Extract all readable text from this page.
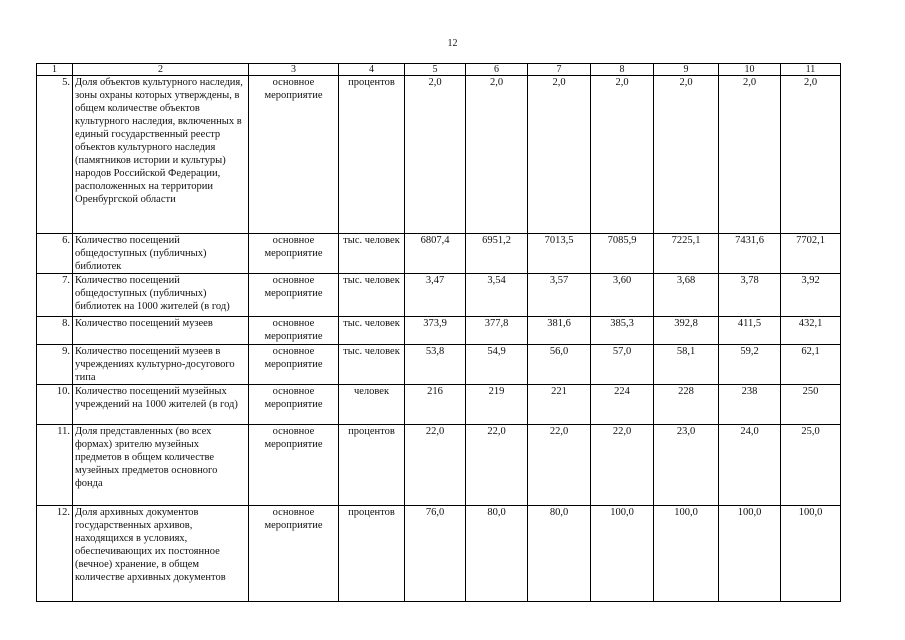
12
1	2	3	4	5	6	7	8	9	10	11
5.	Доля объектов культурного наследия, зоны охраны которых утверждены, в общем количестве объектов культурного наследия, включенных в единый государственный реестр объектов культурного наследия (памятников истории и культуры) народов Российской Федерации, расположенных на территории Оренбургской области	основное мероприятие	процентов	2,0	2,0	2,0	2,0	2,0	2,0	2,0
6.	Количество посещений общедоступных (публичных) библиотек	основное мероприятие	тыс. человек	6807,4	6951,2	7013,5	7085,9	7225,1	7431,6	7702,1
7.	Количество посещений общедоступных (публичных) библиотек на 1000 жителей (в год)	основное мероприятие	тыс. человек	3,47	3,54	3,57	3,60	3,68	3,78	3,92
8.	Количество посещений музеев	основное мероприятие	тыс. человек	373,9	377,8	381,6	385,3	392,8	411,5	432,1
9.	Количество посещений музеев в учреждениях культурно-досугового типа	основное мероприятие	тыс. человек	53,8	54,9	56,0	57,0	58,1	59,2	62,1
10.	Количество посещений музейных учреждений на 1000 жителей (в год)	основное мероприятие	человек	216	219	221	224	228	238	250
11.	Доля представленных (во всех формах) зрителю музейных предметов в общем количестве музейных предметов основного фонда	основное мероприятие	процентов	22,0	22,0	22,0	22,0	23,0	24,0	25,0
12.	Доля архивных документов государственных архивов, находящихся в условиях, обеспечивающих их постоянное (вечное) хранение, в общем количестве архивных документов	основное мероприятие	процентов	76,0	80,0	80,0	100,0	100,0	100,0	100,0
